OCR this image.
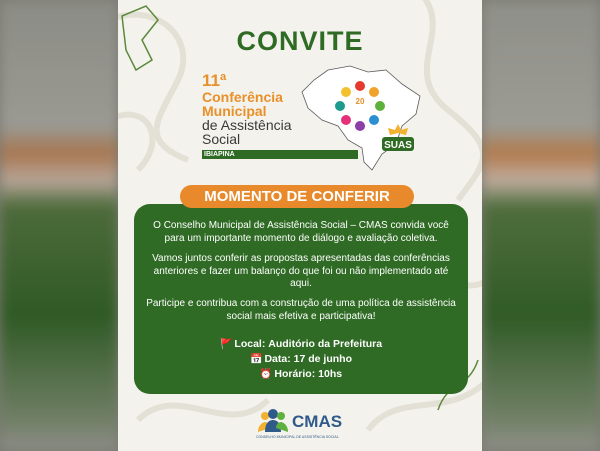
CONVITE
20
SUAS
11ª
Conferência
Municipal
de Assistência
Social
IBIAPINA
O Conselho Municipal de Assistência Social – CMAS convida você para um importante momento de diálogo e avaliação coletiva.
Vamos juntos conferir as propostas apresentadas das conferências anteriores e fazer um balanço do que foi ou não implementado até aqui.
Participe e contribua com a construção de uma política de assistência social mais efetiva e participativa!
🚩 Local: Auditório da Prefeitura
📅 Data: 17 de junho
⏰ Horário: 10hs
MOMENTO DE CONFERIR
CMAS
CONSELHO MUNICIPAL DE ASSISTÊNCIA SOCIAL
